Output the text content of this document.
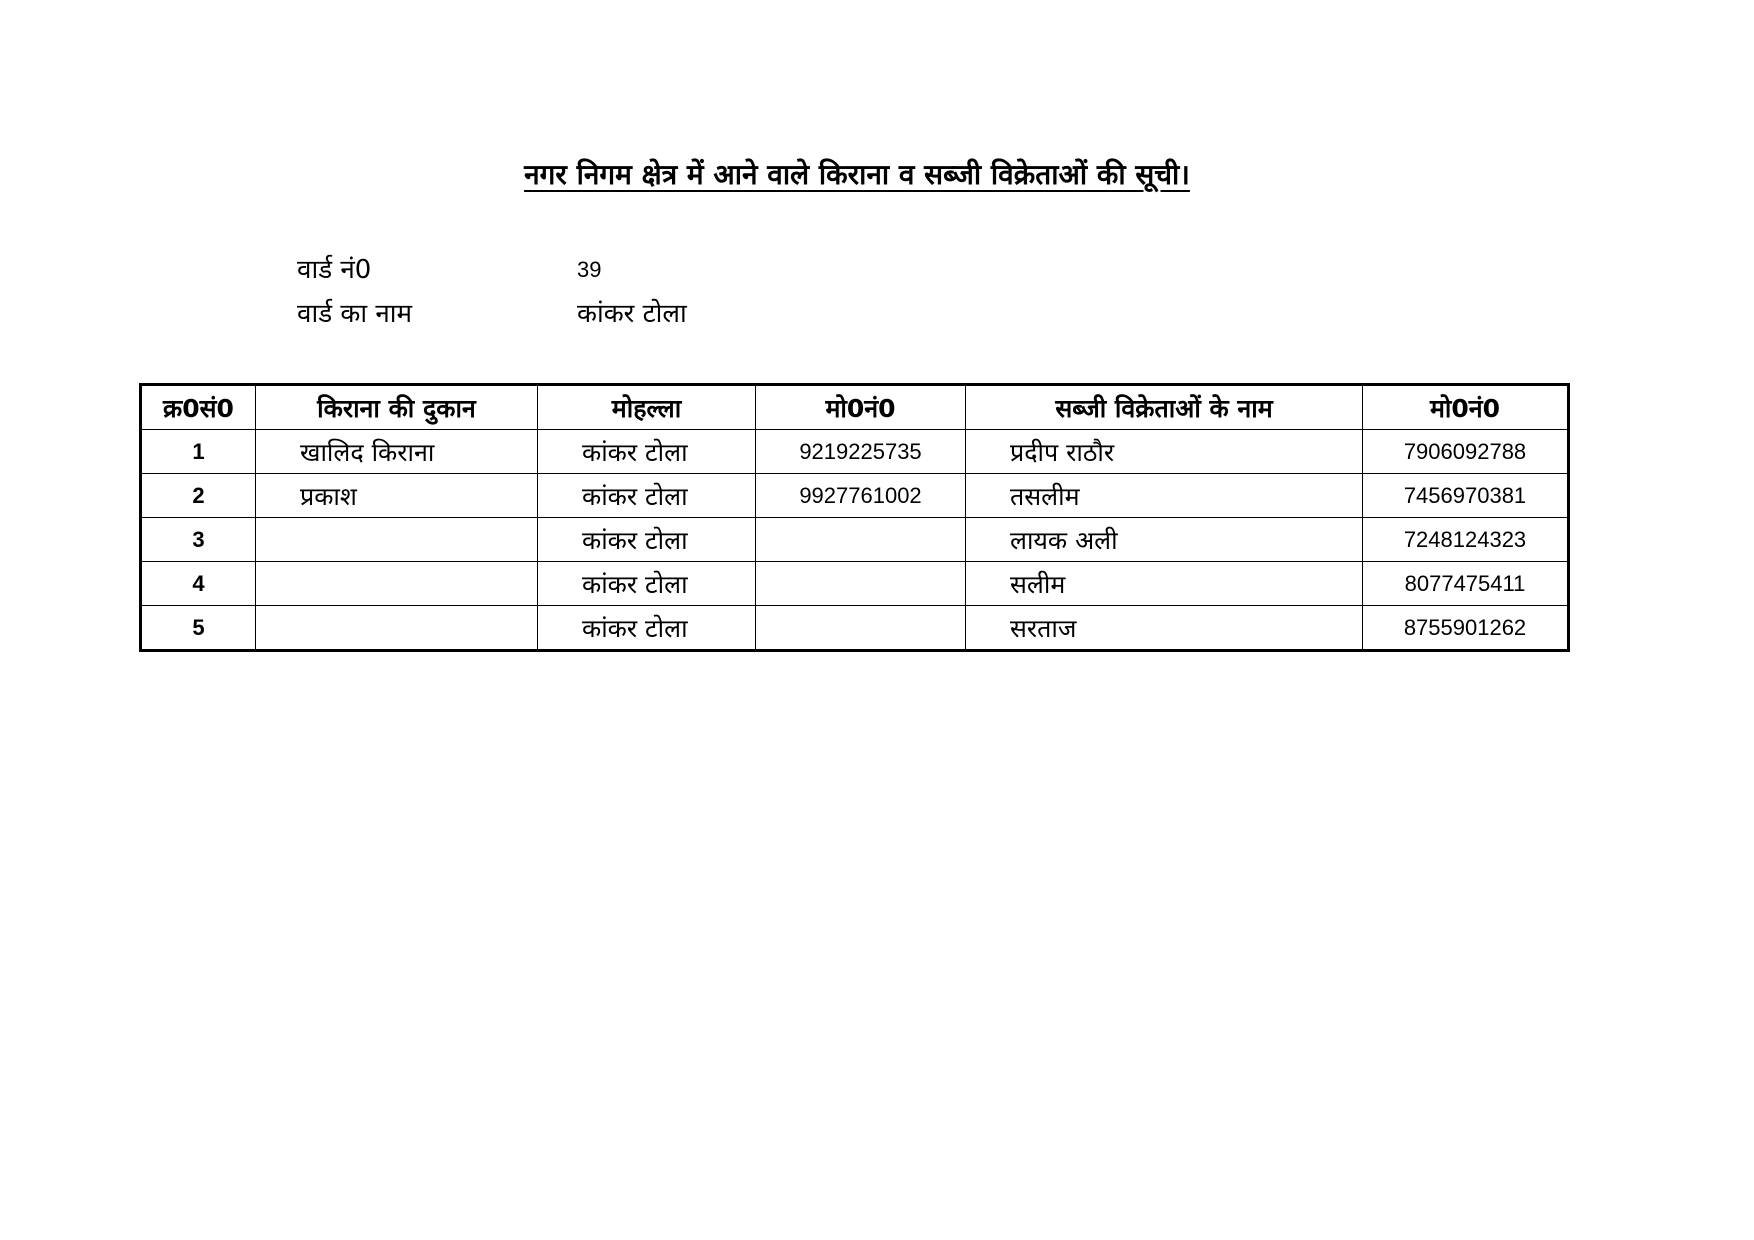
नगर निगम क्षेत्र में आने वाले किराना व सब्जी विक्रेताओं की सूची।
वार्ड नं0	39
वार्ड का नाम	कांकर टोला
क्र0सं0	किराना की दुकान	मोहल्ला	मो0नं0	सब्जी विक्रेताओं के नाम	मो0नं0
1	खालिद किराना	कांकर टोला	9219225735	प्रदीप राठौर	7906092788
2	प्रकाश	कांकर टोला	9927761002	तसलीम	7456970381
3		कांकर टोला		लायक अली	7248124323
4		कांकर टोला		सलीम	8077475411
5		कांकर टोला		सरताज	8755901262
